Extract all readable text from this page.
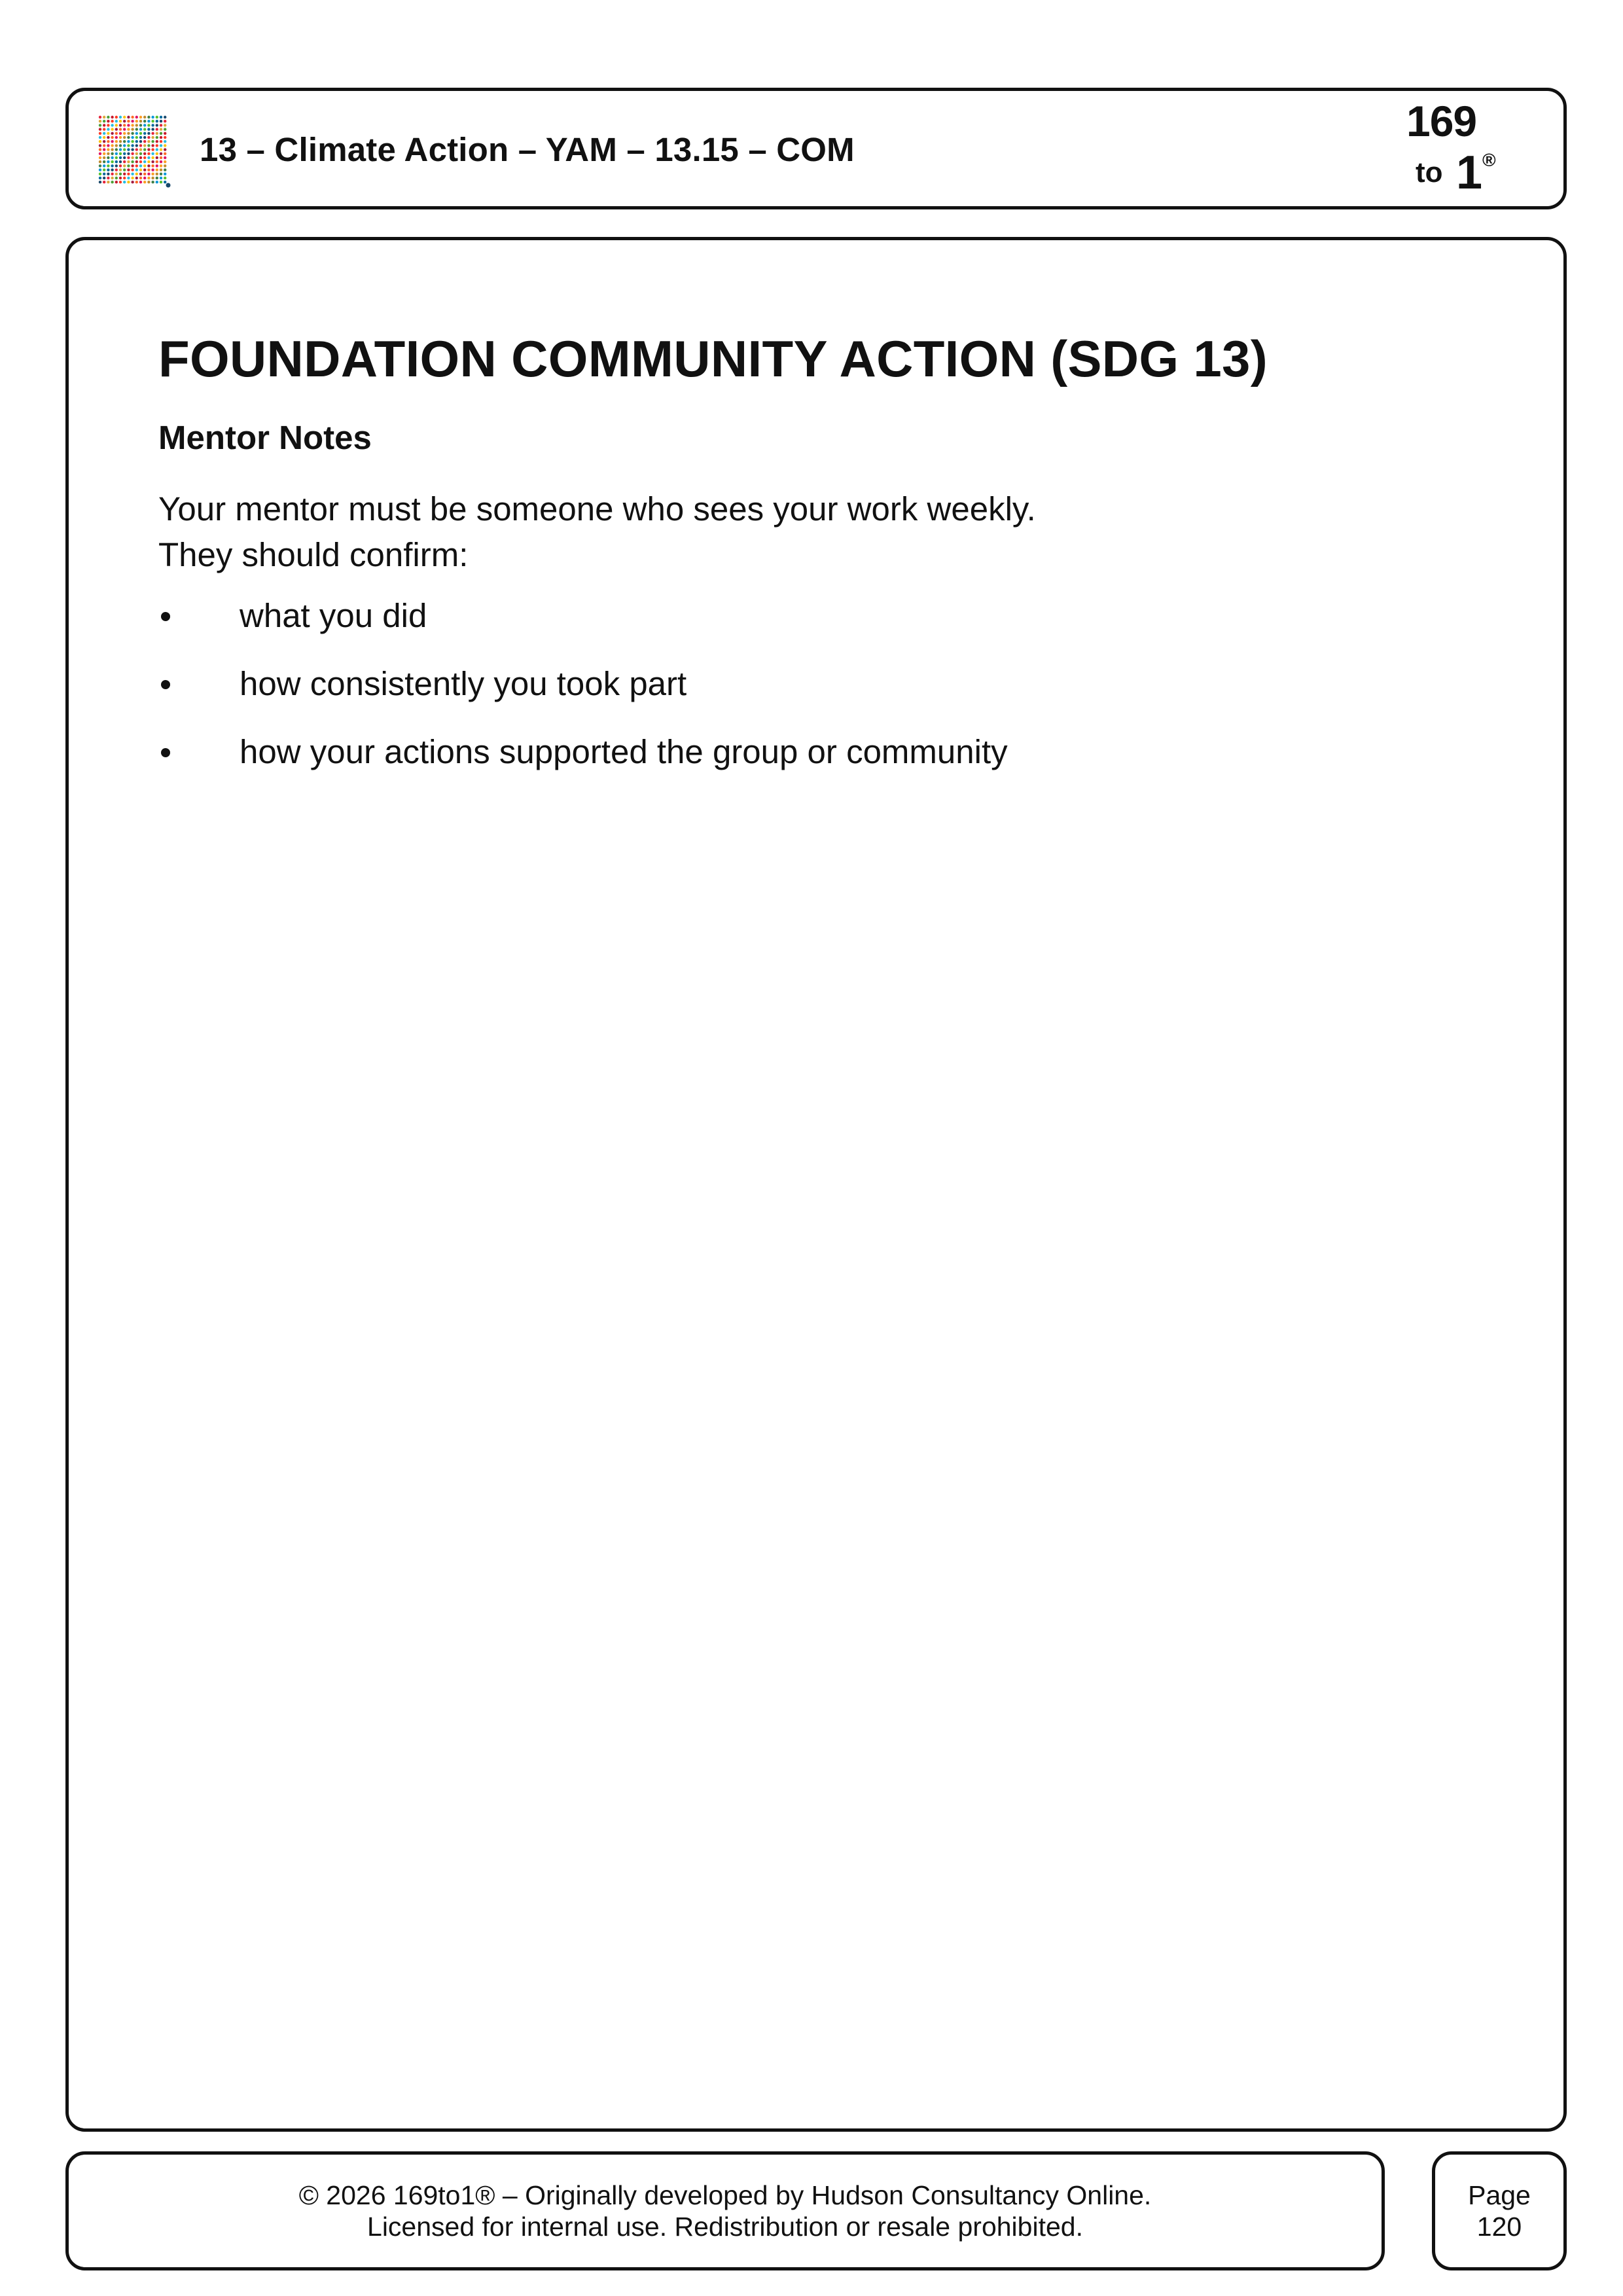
13 – Climate Action – YAM – 13.15 – COM
169
to 1 ®
FOUNDATION COMMUNITY ACTION (SDG 13)
Mentor Notes

Your mentor must be someone who sees your work weekly.
They should confirm:

what you did
how consistently you took part
how your actions supported the group or community
© 2026 169to1® – Originally developed by Hudson Consultancy Online.
Licensed for internal use. Redistribution or resale prohibited.
Page
120
